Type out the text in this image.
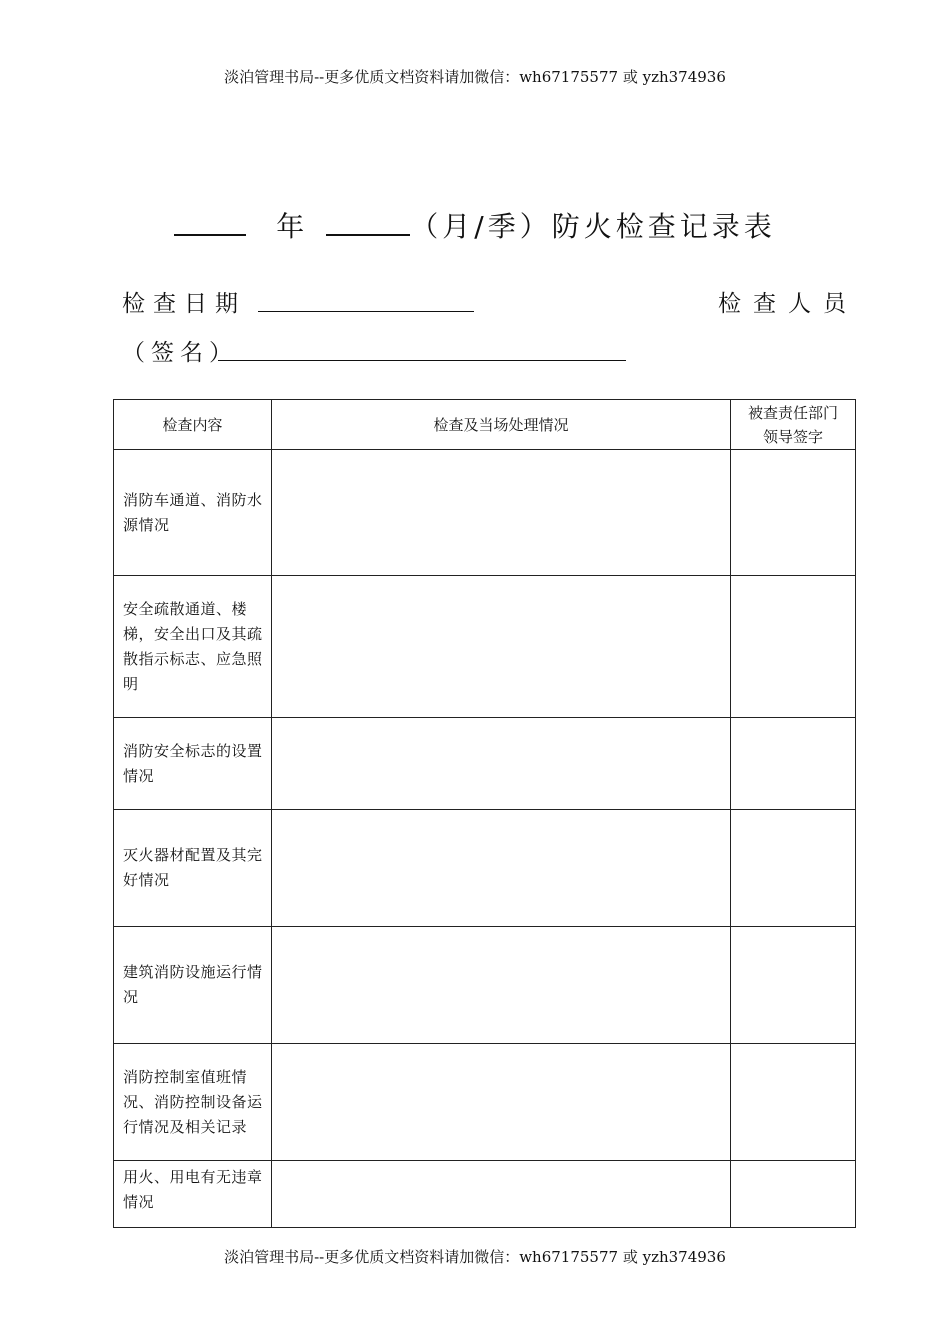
淡泊管理书局--更多优质文档资料请加微信：wh67175577 或 yzh374936
年	（月/季）防火检查记录表
检查日期	检查人员
（签名）
检查内容	检查及当场处理情况	被查责任部门领导签字
消防车通道、消防水源情况		
安全疏散通道、楼梯，安全出口及其疏散指示标志、应急照明		
消防安全标志的设置情况		
灭火器材配置及其完好情况		
建筑消防设施运行情况		
消防控制室值班情况、消防控制设备运行情况及相关记录		
用火、用电有无违章情况		
淡泊管理书局--更多优质文档资料请加微信：wh67175577 或 yzh374936
